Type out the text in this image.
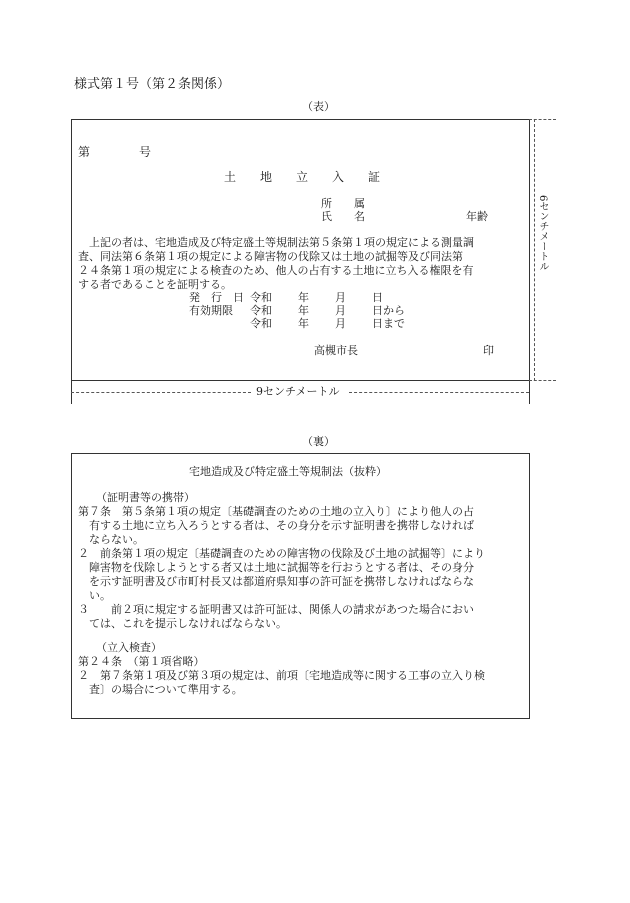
様式第１号（第２条関係）
（表）
9センチメートル
6センチメートル
第	号
土　　地　　立　　入　　証
所　　属
氏　　名	年齢
　上記の者は、宅地造成及び特定盛土等規制法第５条第１項の規定による測量調
査、同法第６条第１項の規定による障害物の伐除又は土地の試掘等及び同法第
２４条第１項の規定による検査のため、他人の占有する土地に立ち入る権限を有
する者であることを証明する。
発　行　日 令和 年 月 日
有効期限 令和 年 月 日から
令和 年 月 日まで
高槻市長	印
（裏）
宅地造成及び特定盛土等規制法（抜粋）
（証明書等の携帯）
第７条　第５条第１項の規定〔基礎調査のための土地の立入り〕により他人の占
　有する土地に立ち入ろうとする者は、その身分を示す証明書を携帯しなければ
　ならない。
２　前条第１項の規定〔基礎調査のための障害物の伐除及び土地の試掘等〕により
　障害物を伐除しようとする者又は土地に試掘等を行おうとする者は、その身分
　を示す証明書及び市町村長又は都道府県知事の許可証を携帯しなければならな
　い。
３　　前２項に規定する証明書又は許可証は、関係人の請求があつた場合におい
　ては、これを提示しなければならない。
（立入検査）
第２４条　（第１項省略）
２　第７条第１項及び第３項の規定は、前項〔宅地造成等に関する工事の立入り検
　査〕の場合について準用する。
